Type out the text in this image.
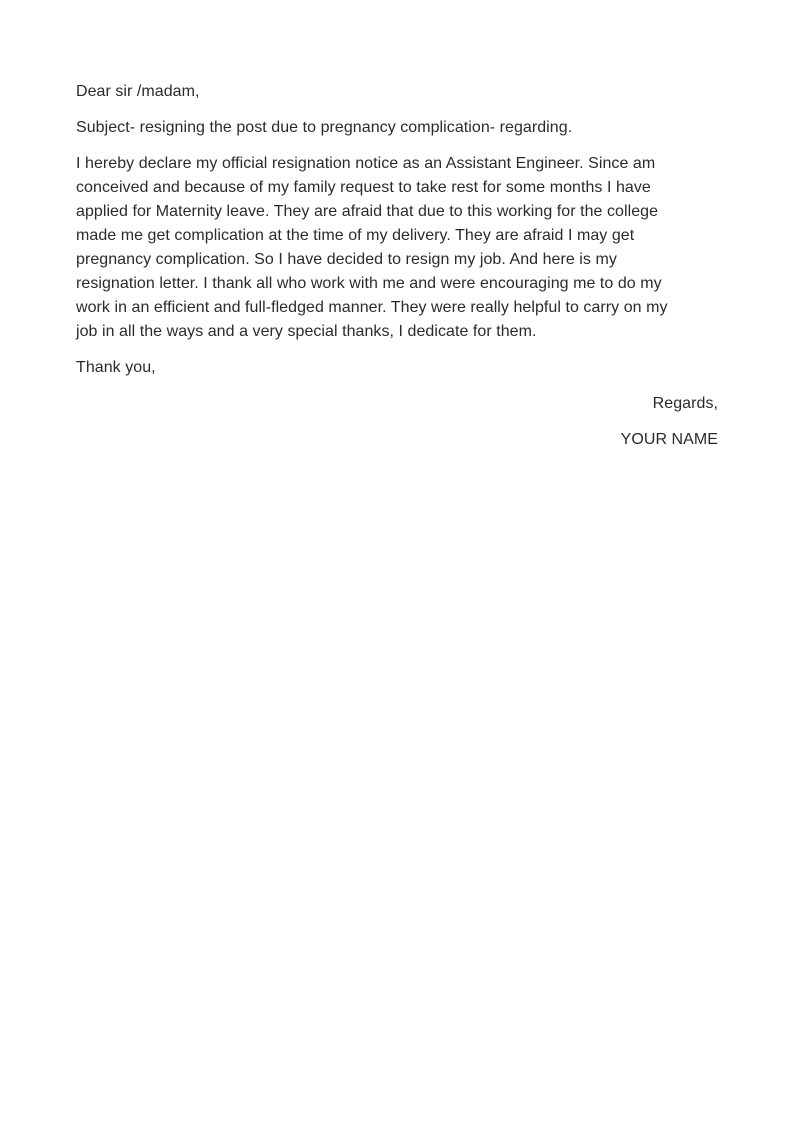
Dear sir /madam,

Subject- resigning the post due to pregnancy complication- regarding.

I hereby declare my official resignation notice as an Assistant Engineer. Since am

conceived and because of my family request to take rest for some months I have

applied for Maternity leave. They are afraid that due to this working for the college

made me get complication at the time of my delivery. They are afraid I may get

pregnancy complication. So I have decided to resign my job. And here is my

resignation letter. I thank all who work with me and were encouraging me to do my

work in an efficient and full-fledged manner. They were really helpful to carry on my

job in all the ways and a very special thanks, I dedicate for them.

Thank you,

Regards,

YOUR NAME
